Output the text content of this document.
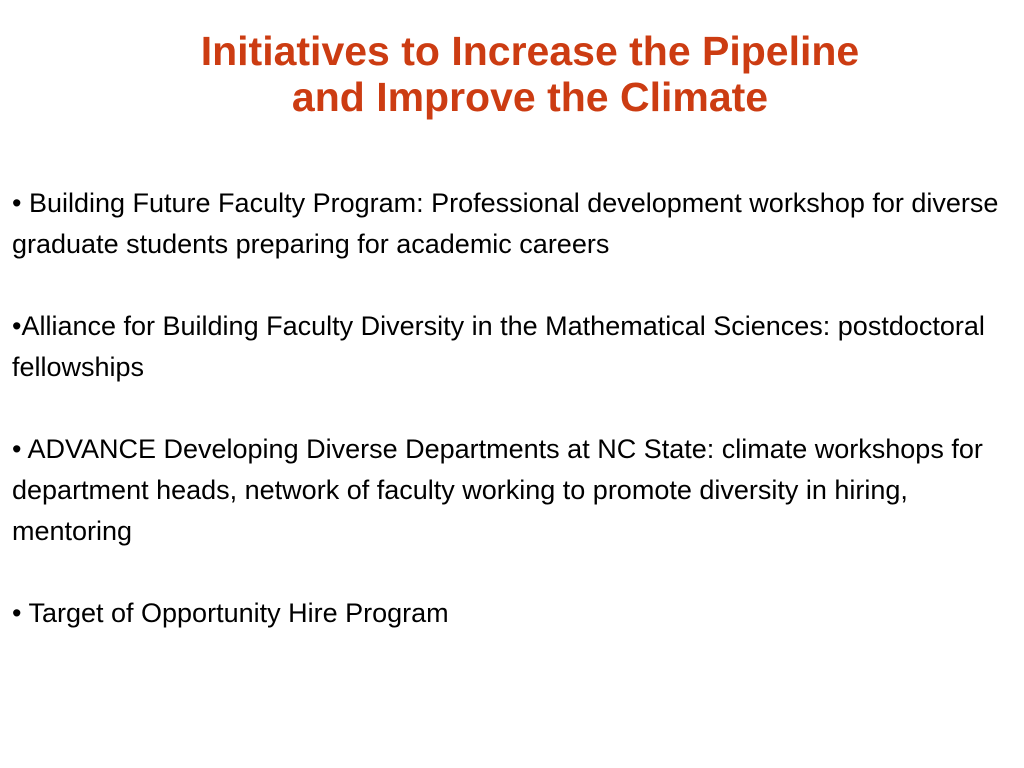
Initiatives to Increase the Pipeline
and Improve the Climate
• Building Future Faculty Program: Professional development workshop for diverse graduate students preparing for academic careers
•Alliance for Building Faculty Diversity in the Mathematical Sciences: postdoctoral fellowships
• ADVANCE Developing Diverse Departments at NC State: climate workshops for department heads, network of faculty working to promote diversity in hiring, mentoring
• Target of Opportunity Hire Program
